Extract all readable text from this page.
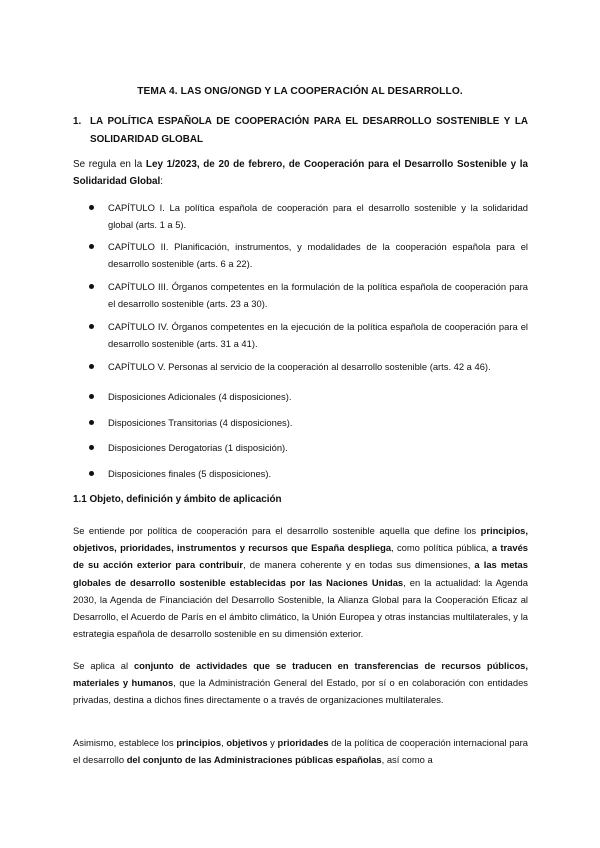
TEMA 4. LAS ONG/ONGD Y LA COOPERACIÓN AL DESARROLLO.
1. LA POLÍTICA ESPAÑOLA DE COOPERACIÓN PARA EL DESARROLLO SOSTENIBLE Y LA SOLIDARIDAD GLOBAL
Se regula en la Ley 1/2023, de 20 de febrero, de Cooperación para el Desarrollo Sostenible y la Solidaridad Global:
CAPÍTULO I. La política española de cooperación para el desarrollo sostenible y la solidaridad global (arts. 1 a 5).
CAPÍTULO II. Planificación, instrumentos, y modalidades de la cooperación española para el desarrollo sostenible (arts. 6 a 22).
CAPÍTULO III. Órganos competentes en la formulación de la política española de cooperación para el desarrollo sostenible (arts. 23 a 30).
CAPÍTULO IV. Órganos competentes en la ejecución de la política española de cooperación para el desarrollo sostenible (arts. 31 a 41).
CAPÍTULO V. Personas al servicio de la cooperación al desarrollo sostenible (arts. 42 a 46).
Disposiciones Adicionales (4 disposiciones).
Disposiciones Transitorias (4 disposiciones).
Disposiciones Derogatorias (1 disposición).
Disposiciones finales (5 disposiciones).
1.1 Objeto, definición y ámbito de aplicación
Se entiende por política de cooperación para el desarrollo sostenible aquella que define los principios, objetivos, prioridades, instrumentos y recursos que España despliega, como política pública, a través de su acción exterior para contribuir, de manera coherente y en todas sus dimensiones, a las metas globales de desarrollo sostenible establecidas por las Naciones Unidas, en la actualidad: la Agenda 2030, la Agenda de Financiación del Desarrollo Sostenible, la Alianza Global para la Cooperación Eficaz al Desarrollo, el Acuerdo de París en el ámbito climático, la Unión Europea y otras instancias multilaterales, y la estrategia española de desarrollo sostenible en su dimensión exterior.
Se aplica al conjunto de actividades que se traducen en transferencias de recursos públicos, materiales y humanos, que la Administración General del Estado, por sí o en colaboración con entidades privadas, destina a dichos fines directamente o a través de organizaciones multilaterales.
Asimismo, establece los principios, objetivos y prioridades de la política de cooperación internacional para el desarrollo del conjunto de las Administraciones públicas españolas, así como a
